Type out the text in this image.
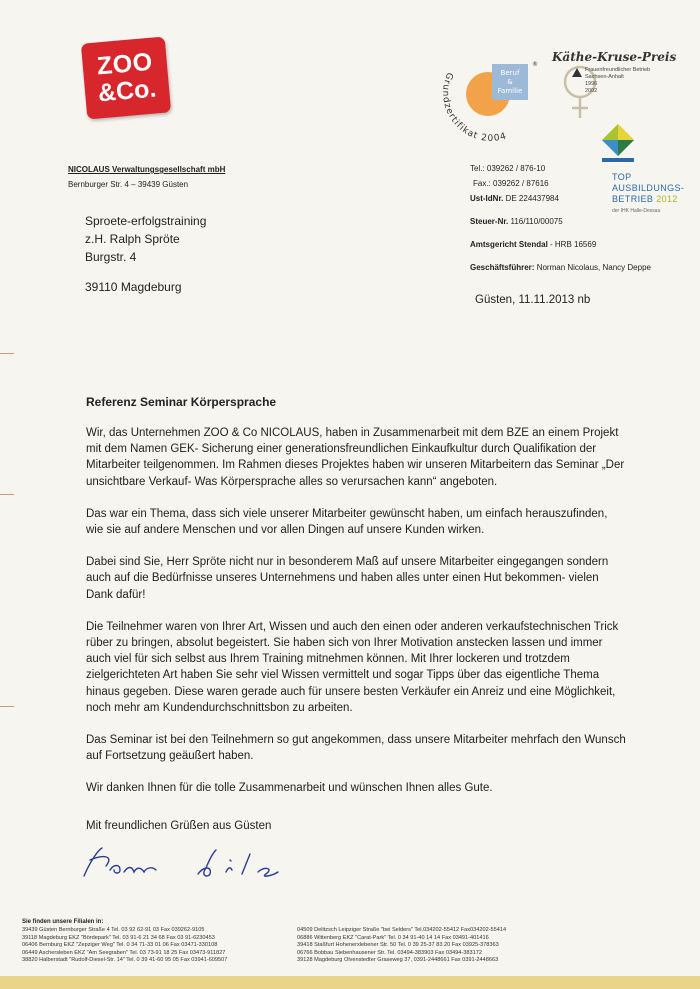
ZOO
&Co.	Grundzertifikat 2004
Beruf
&
Familie
®
Käthe-Kruse-Preis
Frauenfreundlicher Betrieb
Sachsen-Anhalt
1996
2002
TOP
AUSBILDUNGS-
BETRIEB 2012
der IHK Halle-Dessau
NICOLAUS Verwaltungsgesellschaft mbH
Bernburger Str. 4 – 39439 Güsten
Tel.: 039262 / 876-10
Fax.: 039262 / 87616
Ust-IdNr. DE 224437984
Steuer-Nr. 116/110/00075
Amtsgericht Stendal - HRB 16569
Geschäftsführer: Norman Nicolaus, Nancy Deppe
Sproete-erfolgstraining
z.H. Ralph Spröte
Burgstr. 4
39110 Magdeburg
Güsten, 11.11.2013 nb
Referenz Seminar Körpersprache

Wir, das Unternehmen ZOO & Co NICOLAUS, haben in Zusammenarbeit mit dem BZE an einem Projekt mit dem Namen GEK- Sicherung einer generationsfreundlichen Einkaufkultur durch Qualifikation der Mitarbeiter teilgenommen. Im Rahmen dieses Projektes haben wir unseren Mitarbeitern das Seminar „Der unsichtbare Verkauf- Was Körpersprache alles so verursachen kann“ angeboten.

Das war ein Thema, dass sich viele unserer Mitarbeiter gewünscht haben, um einfach herauszufinden, wie sie auf andere Menschen und vor allen Dingen auf unsere Kunden wirken.

Dabei sind Sie, Herr Spröte nicht nur in besonderem Maß auf unsere Mitarbeiter eingegangen sondern auch auf die Bedürfnisse unseres Unternehmens und haben alles unter einen Hut bekommen- vielen Dank dafür!

Die Teilnehmer waren von Ihrer Art, Wissen und auch den einen oder anderen verkaufstechnischen Trick rüber zu bringen, absolut begeistert. Sie haben sich von Ihrer Motivation anstecken lassen und immer auch viel für sich selbst aus Ihrem Training mitnehmen können. Mit Ihrer lockeren und trotzdem zielgerichteten Art haben Sie sehr viel Wissen vermittelt und sogar Tipps über das eigentliche Thema hinaus gegeben. Diese waren gerade auch für unsere besten Verkäufer ein Anreiz und eine Möglichkeit, noch mehr am Kundendurchschnittsbon zu arbeiten.

Das Seminar ist bei den Teilnehmern so gut angekommen, dass unsere Mitarbeiter mehrfach den Wunsch auf Fortsetzung geäußert haben.

Wir danken Ihnen für die tolle Zusammenarbeit und wünschen Ihnen alles Gute.

Mit freundlichen Grüßen aus Güsten
Sie finden unsere Filialen in:
39439 Güsten Bernburger Straße 4 Tel. 03 92 62-91 03 Fax 039262-9105
39118 Magdeburg EKZ "Bördepark" Tel. 03 91-6 21 34 68 Fax 03 91-6230453
06406 Bernburg EKZ "Zepziger Weg" Tel. 0 34 71-33 01 06 Fax 03471-330108
06449 Aschersleben EKZ "Am Seegraben" Tel. 03 73-91 18 25 Fax 03473-911827
38820 Halberstadt "Rudolf-Diesel-Str. 14" Tel. 0 39 41-60 95 05 Fax 03941-609507
04509 Delitzsch Leipziger Straße "bei Selders" Tel.034202-55412 Fax034202-55414
06886 Wittenberg EKZ "Carat-Park" Tel. 0 34 91-40 14 14 Fax 03491-401416
39418 Staßfurt Hohenerxlebener Str. 50 Tel. 0 39 25-37 83 20 Fax 03925-378363
06766 Bobbau Siebenhausener Str. Tel. 03494-383903 Fax 03494-383172
39128 Magdeburg Olvenstedter Graseweg 37, 0391-2448661 Fax 0391-2448663
